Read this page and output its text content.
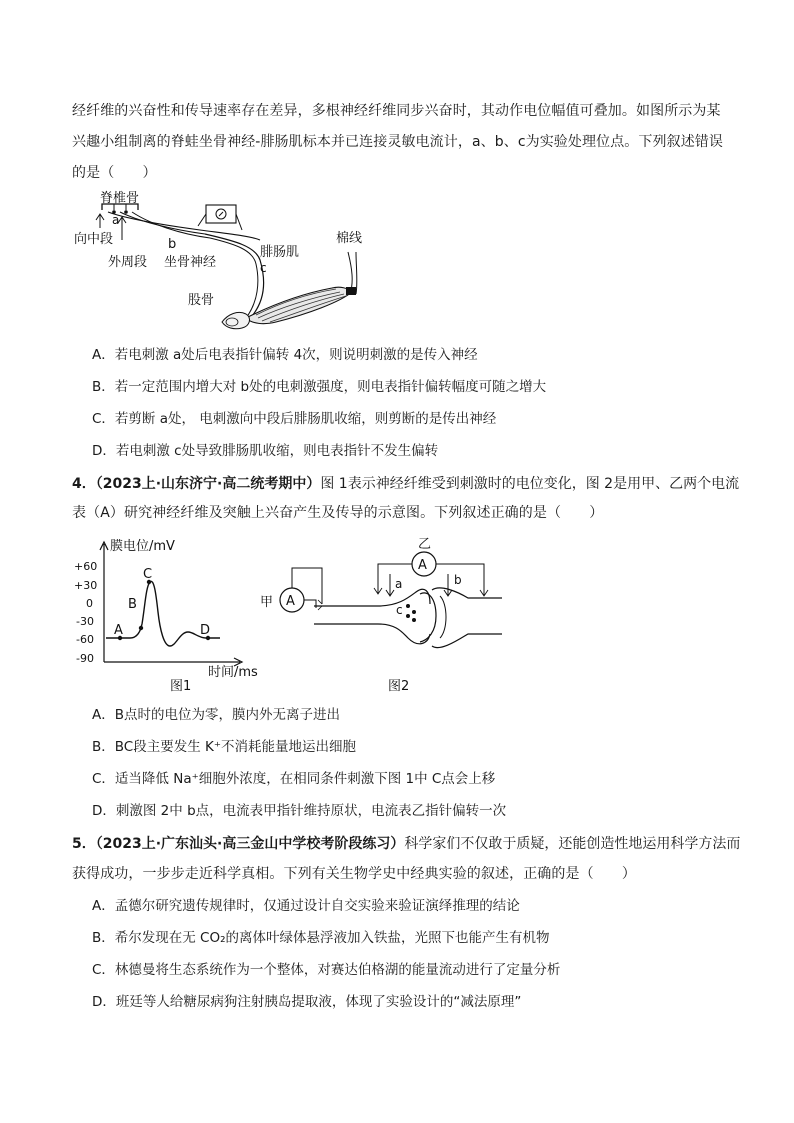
经纤维的兴奋性和传导速率存在差异，多根神经纤维同步兴奋时，其动作电位幅值可叠加。如图所示为某
兴趣小组制离的脊蛙坐骨神经-腓肠肌标本并已连接灵敏电流计，a、b、c为实验处理位点。下列叙述错误
的是（　　）
脊椎骨
a
向中段
外周段
b
坐骨神经
棉线
腓肠肌
c
股骨
A．若电刺激 a处后电表指针偏转 4次，则说明刺激的是传入神经
B．若一定范围内增大对 b处的电刺激强度，则电表指针偏转幅度可随之增大
C．若剪断 a处， 电刺激向中段后腓肠肌收缩，则剪断的是传出神经
D．若电刺激 c处导致腓肠肌收缩，则电表指针不发生偏转
4．（2023上·山东济宁·高二统考期中）图 1表示神经纤维受到刺激时的电位变化，图 2是用甲、乙两个电流
表（A）研究神经纤维及突触上兴奋产生及传导的示意图。下列叙述正确的是（　　）
膜电位/mV
时间/ms
+60
+30
0
-30
-60
-90
A
B
C
D
图1
甲 A
c
乙
A
a	b
图2
A．B点时的电位为零，膜内外无离子进出
B．BC段主要发生 K⁺不消耗能量地运出细胞
C．适当降低 Na⁺细胞外浓度，在相同条件刺激下图 1中 C点会上移
D．刺激图 2中 b点，电流表甲指针维持原状，电流表乙指针偏转一次
5．（2023上·广东汕头·高三金山中学校考阶段练习）科学家们不仅敢于质疑，还能创造性地运用科学方法而
获得成功，一步步走近科学真相。下列有关生物学史中经典实验的叙述，正确的是（　　）
A．孟德尔研究遗传规律时，仅通过设计自交实验来验证演绎推理的结论
B．希尔发现在无 CO₂的离体叶绿体悬浮液加入铁盐，光照下也能产生有机物
C．林德曼将生态系统作为一个整体，对赛达伯格湖的能量流动进行了定量分析
D．班廷等人给糖尿病狗注射胰岛提取液，体现了实验设计的“减法原理”
